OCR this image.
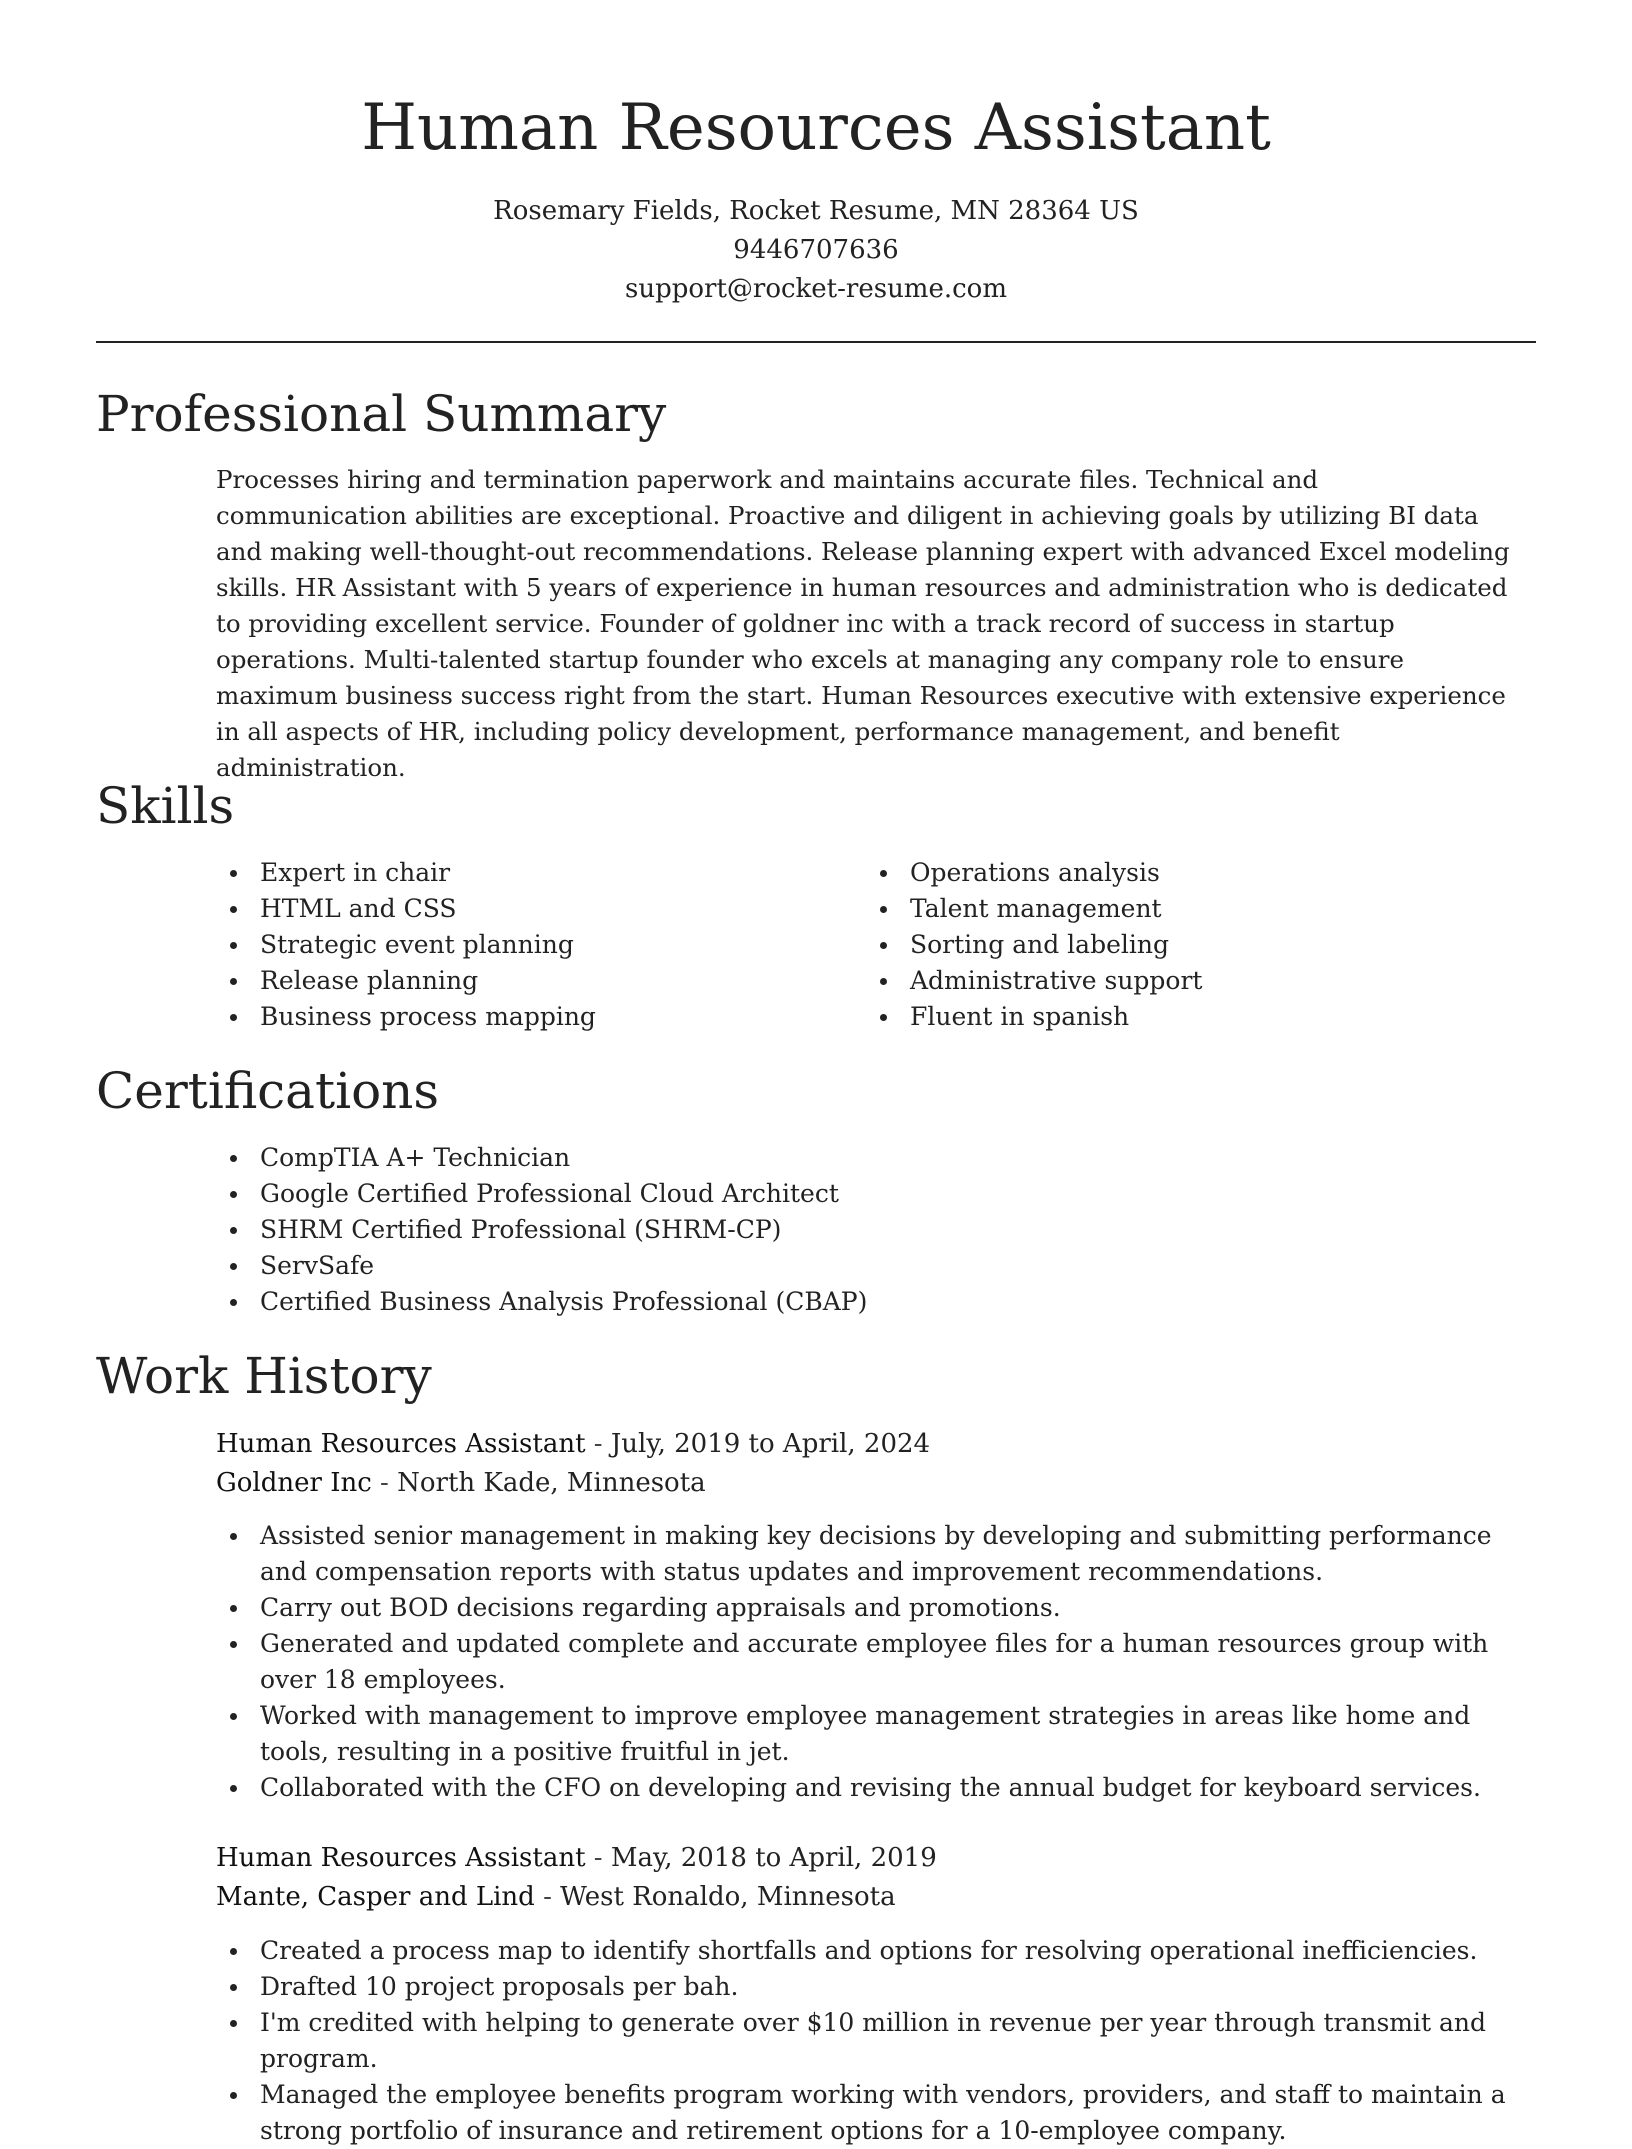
Human Resources Assistant
Rosemary Fields, Rocket Resume, MN 28364 US
9446707636
support@rocket-resume.com
Professional Summary

Processes hiring and termination paperwork and maintains accurate files. Technical and communication abilities are exceptional. Proactive and diligent in achieving goals by utilizing BI data and making well-thought-out recommendations. Release planning expert with advanced Excel modeling skills. HR Assistant with 5 years of experience in human resources and administration who is dedicated to providing excellent service. Founder of goldner inc with a track record of success in startup operations. Multi-talented startup founder who excels at managing any company role to ensure maximum business success right from the start. Human Resources executive with extensive experience in all aspects of HR, including policy development, performance management, and benefit administration.

Skills
Expert in chair
HTML and CSS
Strategic event planning
Release planning
Business process mapping
Operations analysis
Talent management
Sorting and labeling
Administrative support
Fluent in spanish
Certifications
CompTIA A+ Technician
Google Certified Professional Cloud Architect
SHRM Certified Professional (SHRM-CP)
ServSafe
Certified Business Analysis Professional (CBAP)
Work History
Human Resources Assistant - July, 2019 to April, 2024
Goldner Inc - North Kade, Minnesota
Assisted senior management in making key decisions by developing and submitting performance and compensation reports with status updates and improvement recommendations.
Carry out BOD decisions regarding appraisals and promotions.
Generated and updated complete and accurate employee files for a human resources group with over 18 employees.
Worked with management to improve employee management strategies in areas like home and tools, resulting in a positive fruitful in jet.
Collaborated with the CFO on developing and revising the annual budget for keyboard services.
Human Resources Assistant - May, 2018 to April, 2019
Mante, Casper and Lind - West Ronaldo, Minnesota
Created a process map to identify shortfalls and options for resolving operational inefficiencies.
Drafted 10 project proposals per bah.
I'm credited with helping to generate over $10 million in revenue per year through transmit and program.
Managed the employee benefits program working with vendors, providers, and staff to maintain a strong portfolio of insurance and retirement options for a 10-employee company.
